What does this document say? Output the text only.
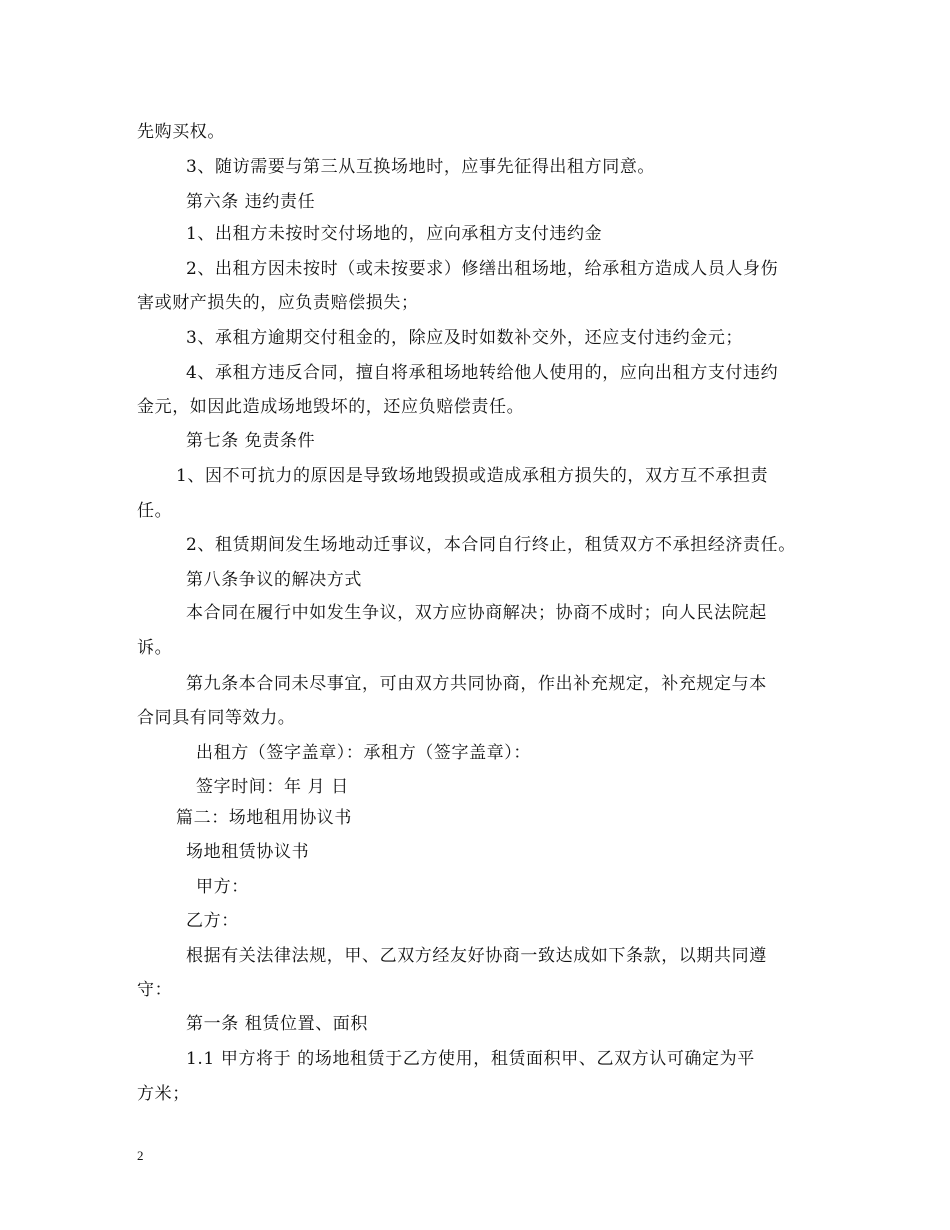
先购买权。
3、随访需要与第三从互换场地时，应事先征得出租方同意。
第六条 违约责任
1、出租方未按时交付场地的，应向承租方支付违约金
2、出租方因未按时（或未按要求）修缮出租场地，给承租方造成人员人身伤
害或财产损失的，应负责赔偿损失；
3、承租方逾期交付租金的，除应及时如数补交外，还应支付违约金元；
4、承租方违反合同，擅自将承租场地转给他人使用的，应向出租方支付违约
金元，如因此造成场地毁坏的，还应负赔偿责任。
第七条 免责条件
1、因不可抗力的原因是导致场地毁损或造成承租方损失的，双方互不承担责
任。
2、租赁期间发生场地动迁事议，本合同自行终止，租赁双方不承担经济责任。
第八条争议的解决方式
本合同在履行中如发生争议，双方应协商解决；协商不成时；向人民法院起
诉。
第九条本合同未尽事宜，可由双方共同协商，作出补充规定，补充规定与本
合同具有同等效力。
出租方（签字盖章）：承租方（签字盖章）：
签字时间：年 月 日
篇二：场地租用协议书
场地租赁协议书
甲方：
乙方：
根据有关法律法规，甲、乙双方经友好协商一致达成如下条款，以期共同遵
守：
第一条 租赁位置、面积
1.1 甲方将于 的场地租赁于乙方使用，租赁面积甲、乙双方认可确定为平
方米；
2
